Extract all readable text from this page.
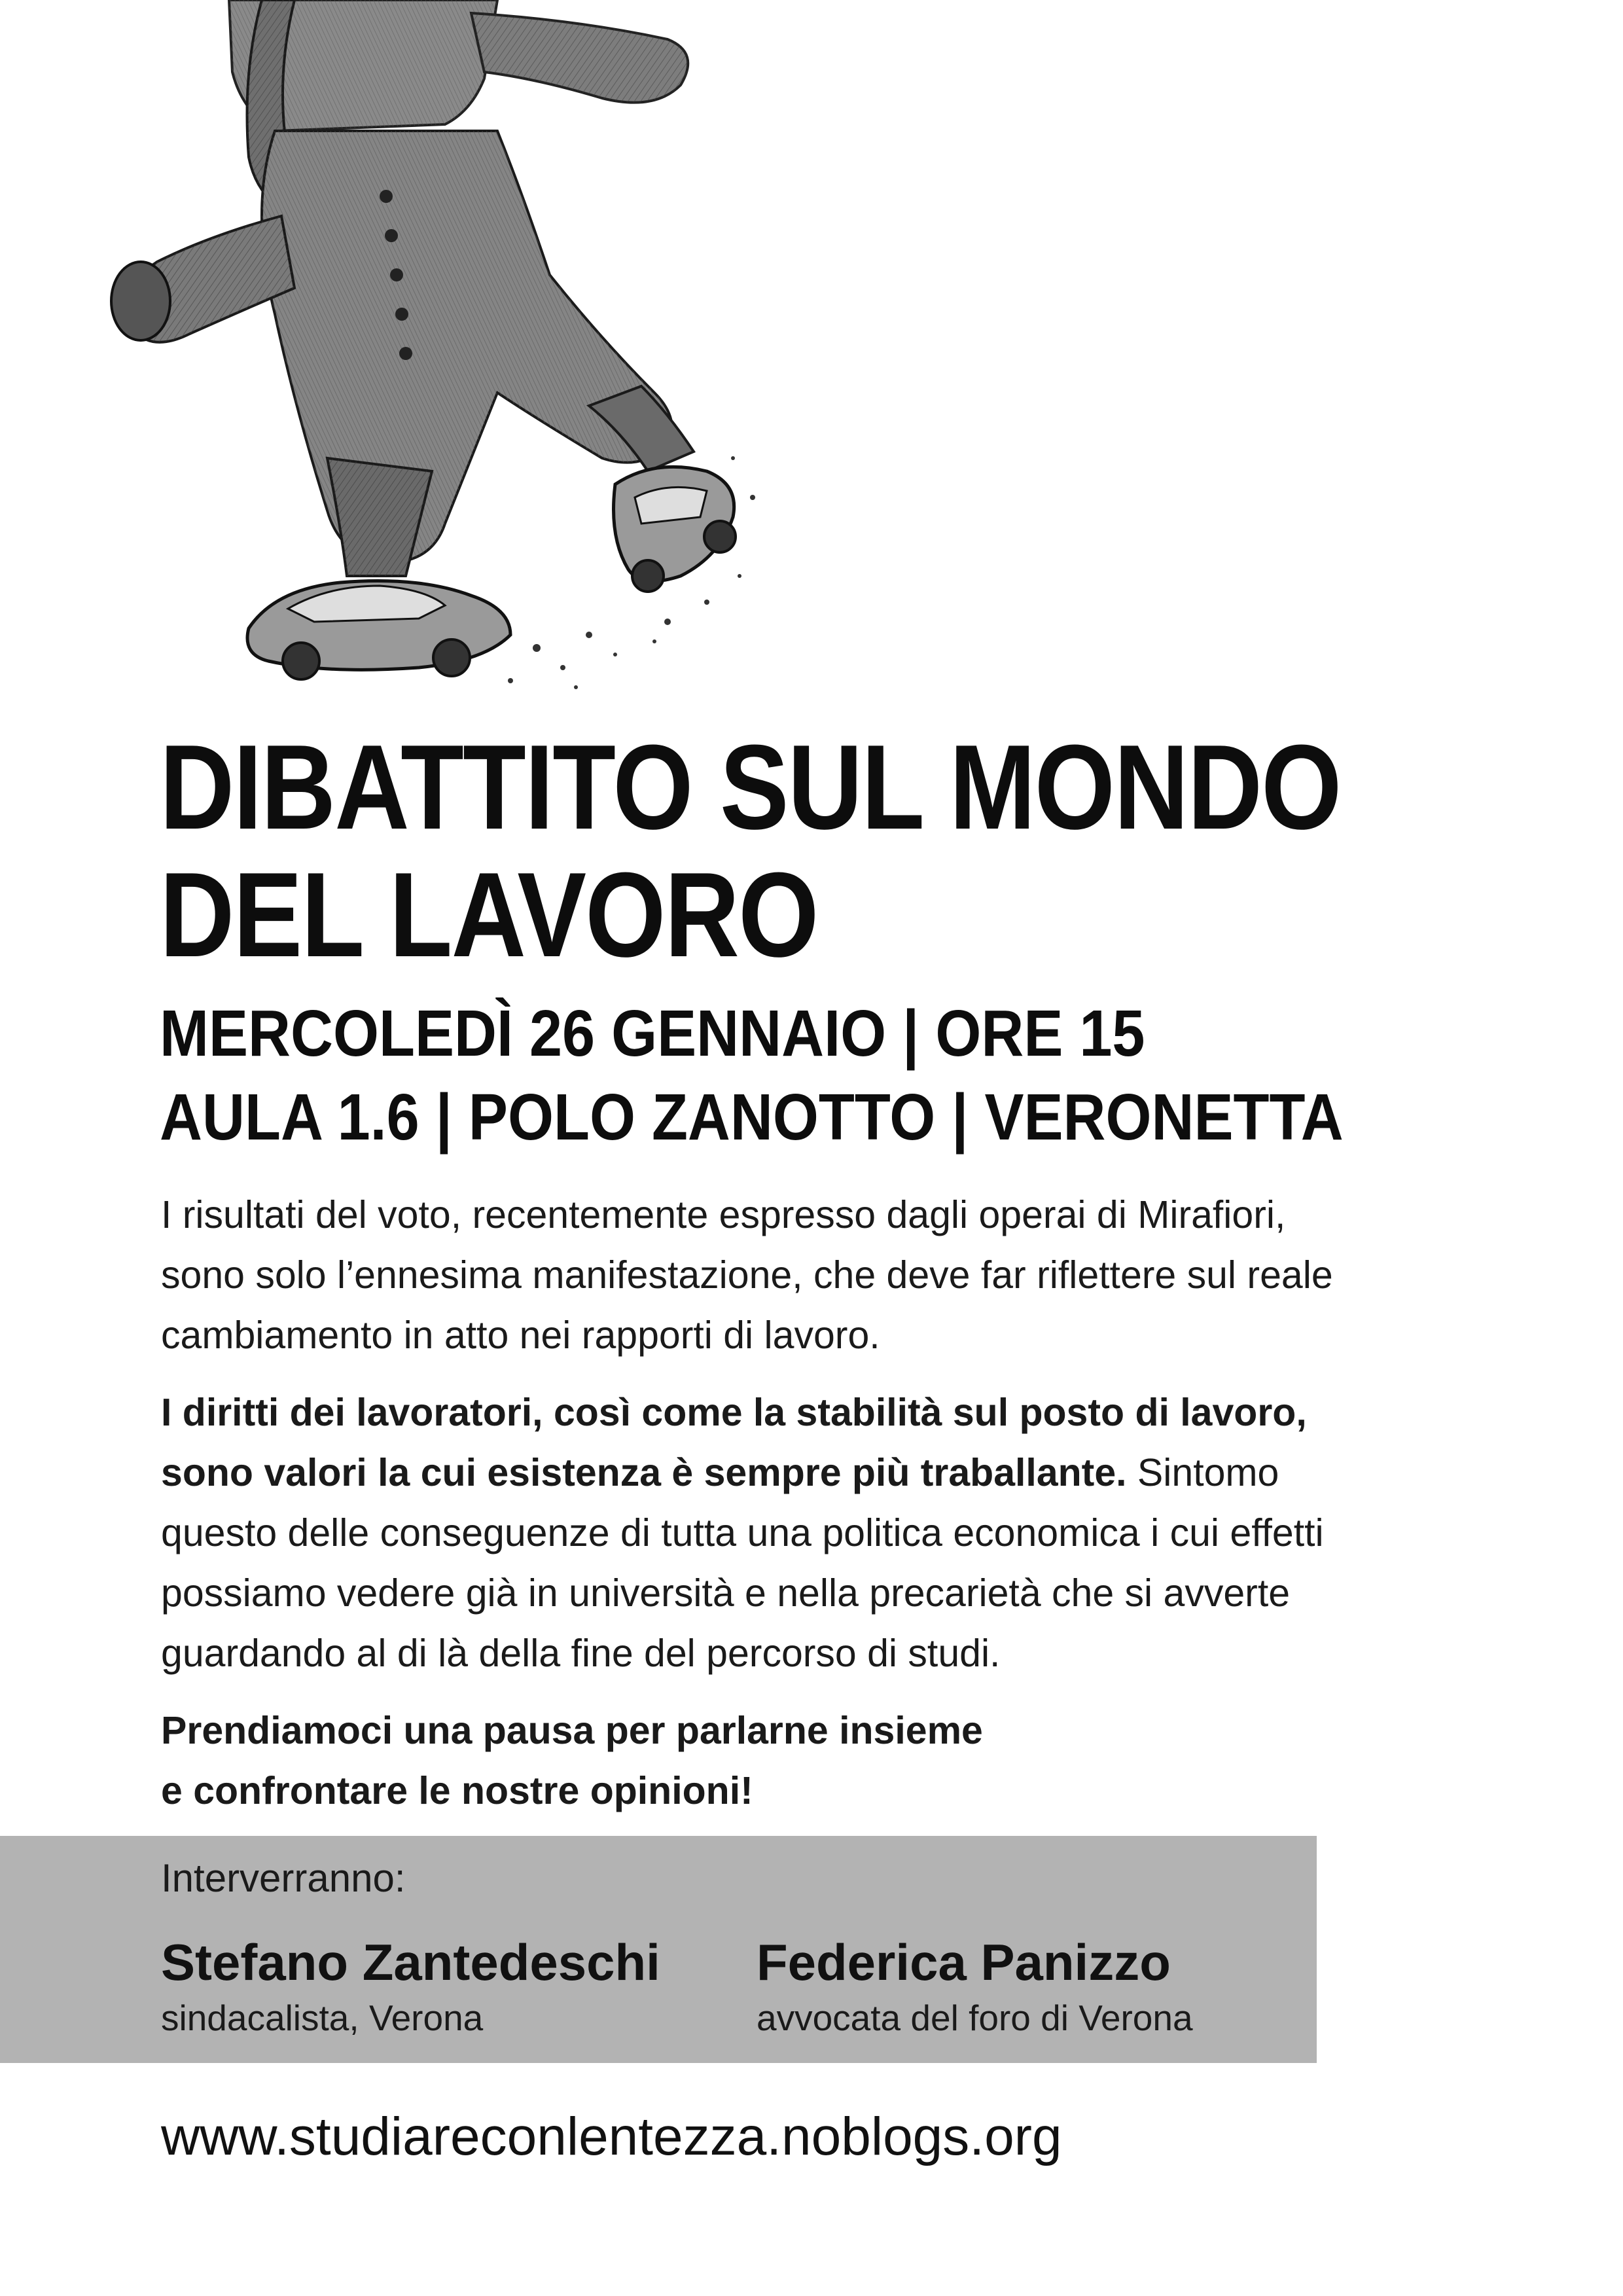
DIBATTITO SUL MONDO
DEL LAVORO
MERCOLEDÌ 26 GENNAIO | ORE 15
AULA 1.6 | POLO ZANOTTO | VERONETTA

I risultati del voto, recentemente espresso dagli operai di Mirafiori,
sono solo l’ennesima manifestazione, che deve far riflettere sul reale
cambiamento in atto nei rapporti di lavoro.

I diritti dei lavoratori, così come la stabilità sul posto di lavoro,
sono valori la cui esistenza è sempre più traballante. Sintomo
questo delle conseguenze di tutta una politica economica i cui effetti
possiamo vedere già in università e nella precarietà che si avverte
guardando al di là della fine del percorso di studi.

Prendiamoci una pausa per parlarne insieme
e confrontare le nostre opinioni!

Interverranno:
Stefano Zantedeschi
sindacalista, Verona
Federica Panizzo
avvocata del foro di Verona
www.studiareconlentezza.noblogs.org
